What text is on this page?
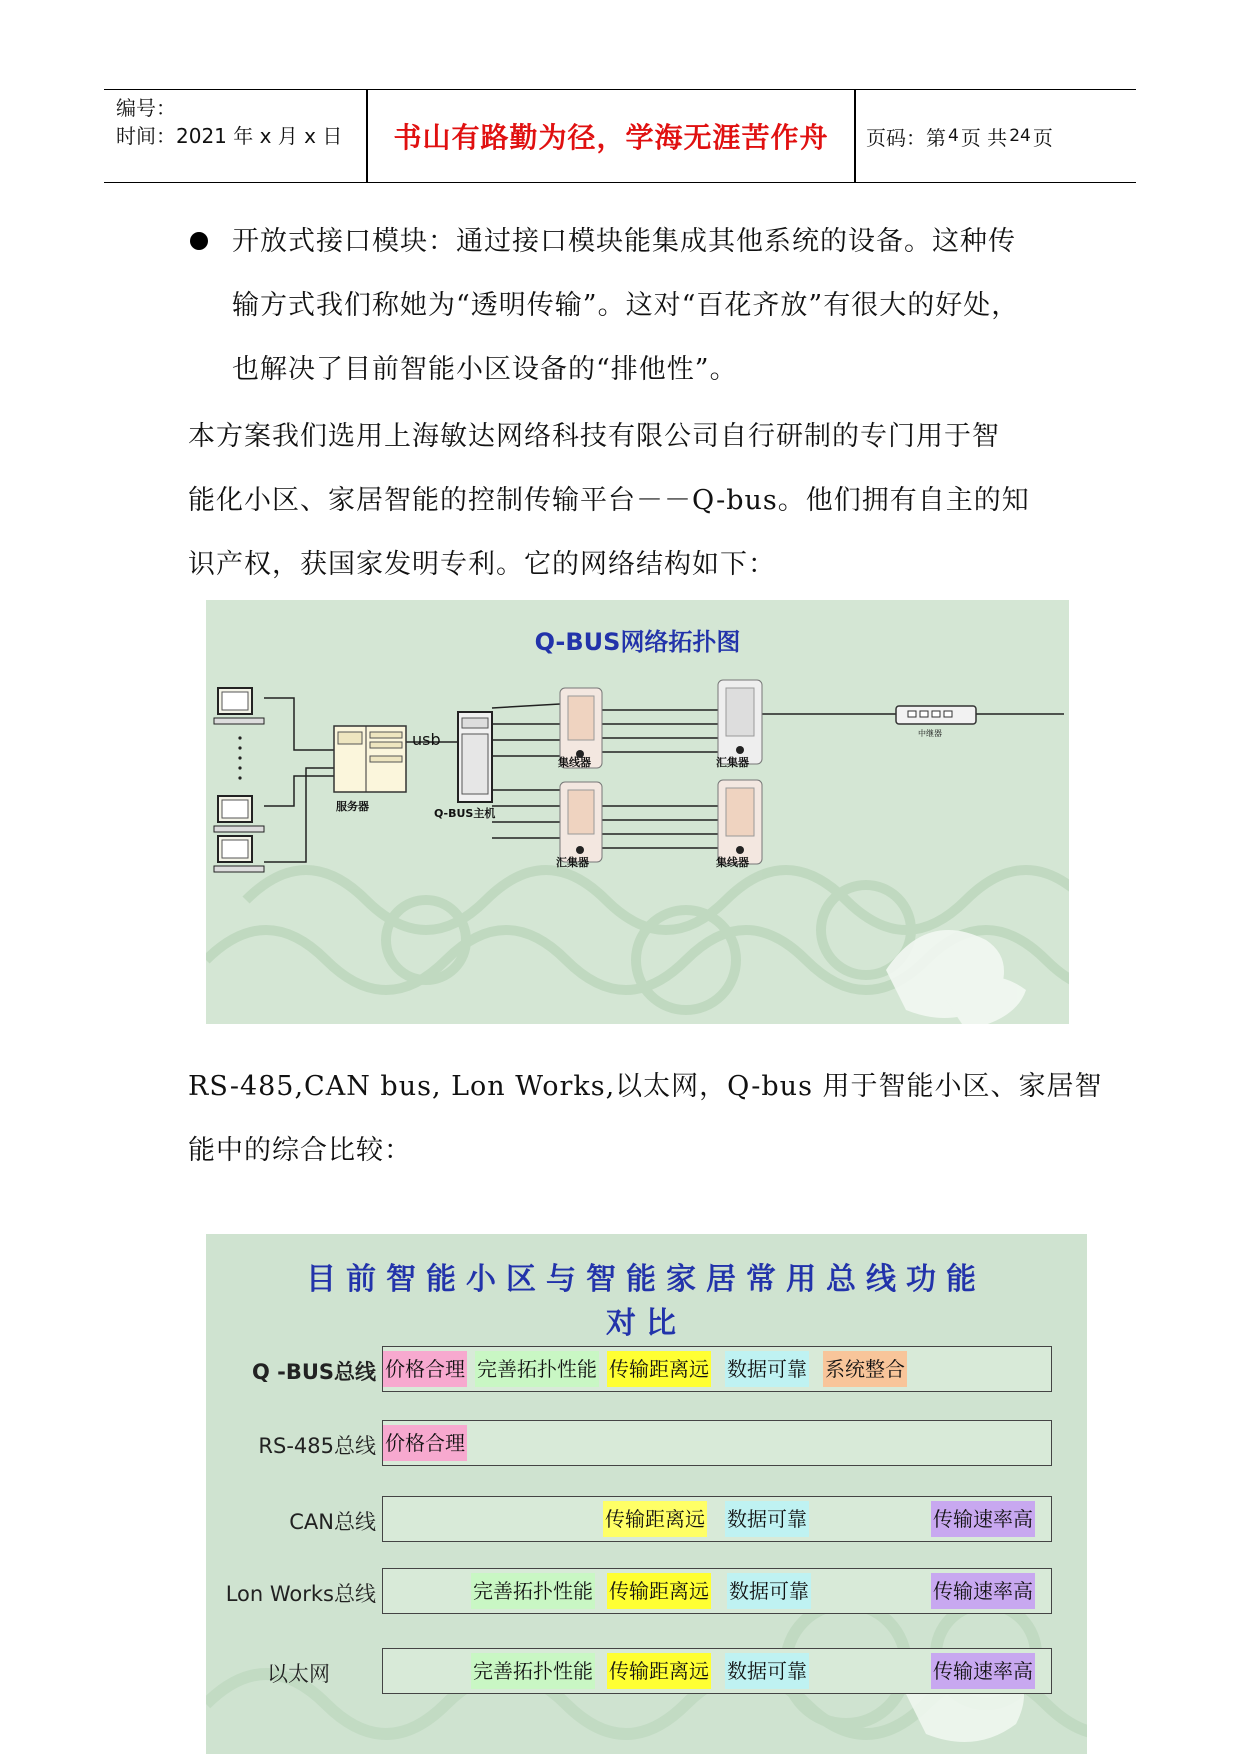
编号：
时间：2021 年 x 月 x 日	书山有路勤为径，学海无涯苦作舟	页码：第 4 页 共 24 页
开放式接口模块：通过接口模块能集成其他系统的设备。这种传
输方式我们称她为“透明传输”。这对“百花齐放”有很大的好处，
也解决了目前智能小区设备的“排他性”。
本方案我们选用上海敏达网络科技有限公司自行研制的专门用于智
能化小区、家居智能的控制传输平台－－Q-bus。他们拥有自主的知
识产权，获国家发明专利。它的网络结构如下：
Q-BUS网络拓扑图
usb
服务器
Q-BUS主机
集线器	汇集器
汇集器	集线器
中继器
RS-485,CAN bus, Lon Works,以太网，Q-bus 用于智能小区、家居智
能中的综合比较：
目前智能小区与智能家居常用总线功能对比
Q -BUS总线 价格合理 完善拓扑性能 传输距离远 数据可靠 系统整合
RS-485总线 价格合理
CAN总线	传输距离远 数据可靠	传输速率高
Lon Works总线	完善拓扑性能 传输距离远 数据可靠	传输速率高
以太网	完善拓扑性能 传输距离远 数据可靠	传输速率高
